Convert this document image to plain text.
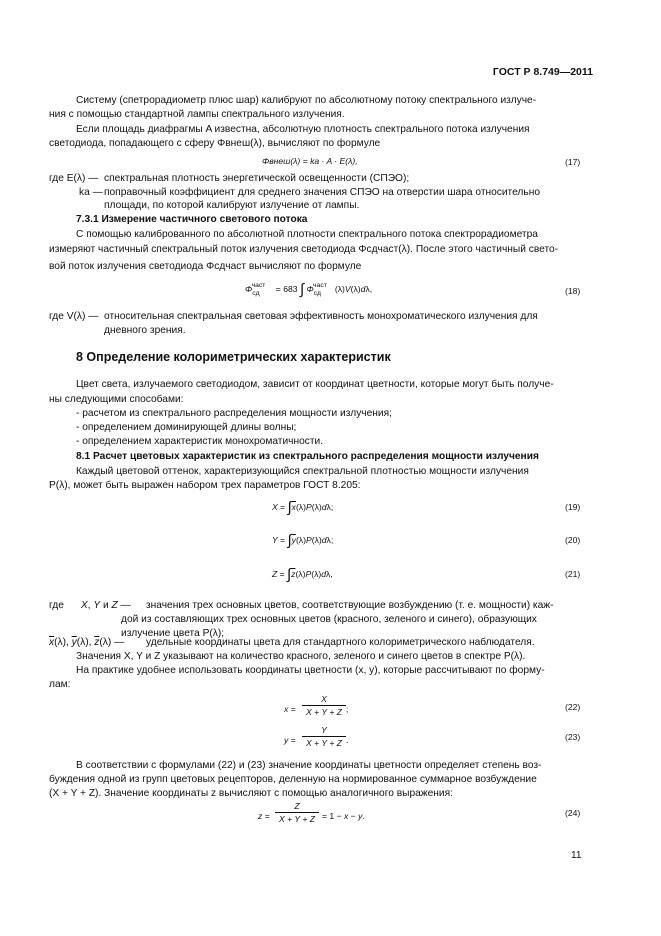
ГОСТ Р 8.749—2011
Систему (спетрорадиометр плюс шар) калибруют по абсолютному потоку спектрального излуче-
ния с помощью стандартной лампы спектрального излучения.
Если площадь диафрагмы A известна, абсолютную плотность спектрального потока излучения
светодиода, попадающего с сферу Φвнеш(λ), вычисляют по формуле
Φвнеш(λ) = ka · A · E(λ),	(17)
где E(λ) — спектральная плотность энергетической освещенности (СПЭО);
ka — поправочный коэффициент для среднего значения СПЭО на отверстии шара относительно
площади, по которой калибруют излучение от лампы.
7.3.1 Измерение частичного светового потока
С помощью калиброванного по абсолютной плотности спектрального потока спектрорадиометра
измеряют частичный спектральный поток излучения светодиода Φсдчаст(λ). После этого частичный свето-
вой поток излучения светодиода Φсдчаст вычисляют по формуле
$\Phi_{сд}^{част} = 683$ ∫ $\Phi_{сд}^{част}$ (λ)V(λ)dλ,	(18)
где V(λ) — относительная спектральная световая эффективность монохроматического излучения для
дневного зрения.
8 Определение колориметрических характеристик
Цвет света, излучаемого светодиодом, зависит от координат цветности, которые могут быть получе-
ны следующими способами:
- расчетом из спектрального распределения мощности излучения;
- определением доминирующей длины волны;
- определением характеристик монохроматичности.
8.1 Расчет цветовых характеристик из спектрального распределения мощности излучения
Каждый цветовой оттенок, характеризующийся спектральной плотностью мощности излучения
P(λ), может быть выражен набором трех параметров ГОСТ 8.205:
$X = \int\overline{x}(\lambda)P(\lambda)d\lambda$;	(19)
$Y = \int\overline{y}(\lambda)P(\lambda)d\lambda$;	(20)
$Z = \int\overline{z}(\lambda)P(\lambda)d\lambda$,	(21)
где      X, Y и Z — значения трех основных цветов, соответствующие возбуждению (т. е. мощности) каж-
дой из составляющих трех основных цветов (красного, зеленого и синего), образующих
излучение цвета P(λ);
$\overline{x}(\lambda)$, $\overline{y}(\lambda)$, $\overline{z}(\lambda)$ — удельные координаты цвета для стандартного колориметрического наблюдателя.
Значения X, Y и Z указывают на количество красного, зеленого и синего цветов в спектре P(λ).
На практике удобнее использовать координаты цветности (x, y), которые рассчитывают по форму-
лам:
x =
X
X + Y + Z ;	(22)
y =
Y
X + Y + Z .	(23)
В соответствии с формулами (22) и (23) значение координаты цветности определяет степень воз-
буждения одной из групп цветовых рецепторов, деленную на нормированное суммарное возбуждение
(X + Y + Z). Значение координаты z вычисляют с помощью аналогичного выражения:
z =
Z
X + Y + Z = 1 − x − y.	(24)
11
